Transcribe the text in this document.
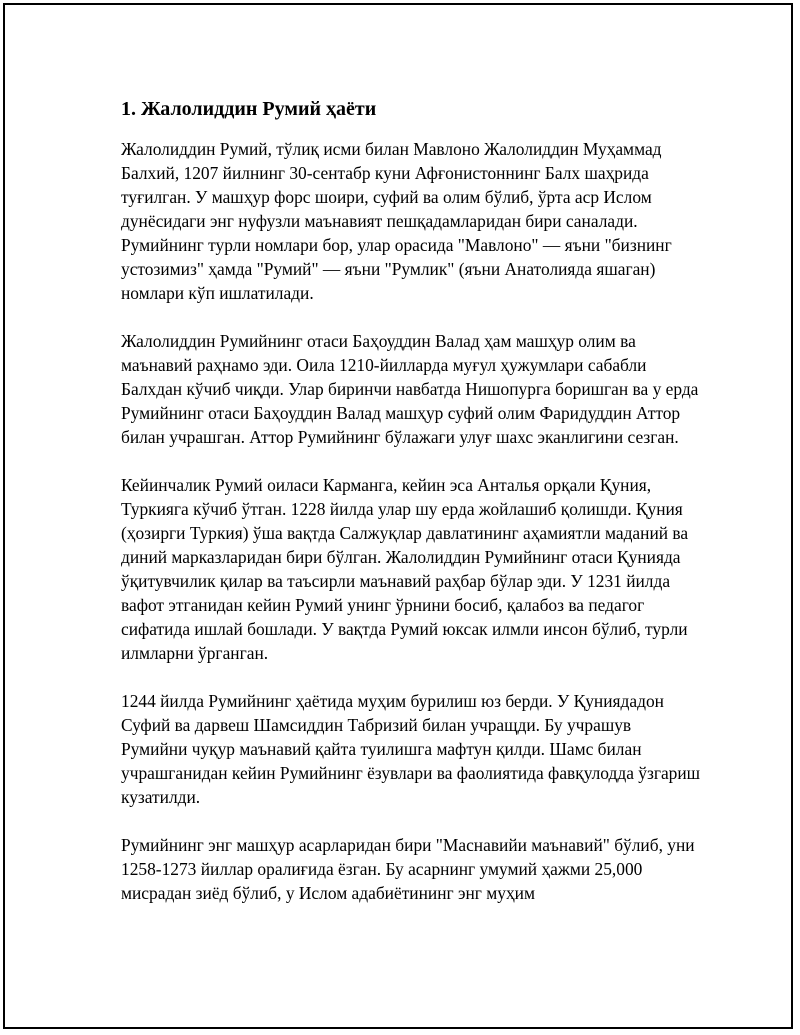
1. Жалолиддин Румий ҳаёти

Жалолиддин Румий, тўлиқ исми билан Мавлоно Жалолиддин Муҳаммад Балхий, 1207 йилнинг 30-сентабр куни Афғонистоннинг Балх шаҳрида туғилган. У машҳур форс шоири, суфий ва олим бўлиб, ўрта аср Ислом дунёсидаги энг нуфузли маънавият пешқадамларидан бири саналади. Румийнинг турли номлари бор, улар орасида "Мавлоно" — яъни "бизнинг устозимиз" ҳамда "Румий" — яъни "Румлик" (яъни Анатолияда яшаган) номлари кўп ишлатилади.

Жалолиддин Румийнинг отаси Баҳоуддин Валад ҳам машҳур олим ва маънавий раҳнамо эди. Оила 1210-йилларда муғул ҳужумлари сабабли Балхдан кўчиб чиқди. Улар биринчи навбатда Нишопурга боришган ва у ерда Румийнинг отаси Баҳоуддин Валад машҳур суфий олим Фаридуддин Аттор билан учрашган. Аттор Румийнинг бўлажаги улуғ шахс эканлигини сезган.

Кейинчалик Румий оиласи Карманга, кейин эса Анталья орқали Қуния, Туркияга кўчиб ўтган. 1228 йилда улар шу ерда жойлашиб қолишди. Қуния (ҳозирги Туркия) ўша вақтда Салжуқлар давлатининг аҳамиятли маданий ва диний марказларидан бири бўлган. Жалолиддин Румийнинг отаси Қунияда ўқитувчилик қилар ва таъсирли маънавий раҳбар бўлар эди. У 1231 йилда вафот этганидан кейин Румий унинг ўрнини босиб, қалабоз ва педагог сифатида ишлай бошлади. У вақтда Румий юксак илмли инсон бўлиб, турли илмларни ўрганган.

1244 йилда Румийнинг ҳаётида муҳим бурилиш юз берди. У Қуниядадон Суфий ва дарвеш Шамсиддин Табризий билан учращди. Бу учрашув Румийни чуқур маънавий қайта туилишга мафтун қилди. Шамс билан учрашганидан кейин Румийнинг ёзувлари ва фаолиятида фавқулодда ўзгариш кузатилди.

Румийнинг энг машҳур асарларидан бири "Маснавийи маънавий" бўлиб, уни 1258-1273 йиллар оралиғида ёзган. Бу асарнинг умумий ҳажми 25,000 мисрадан зиёд бўлиб, у Ислом адабиётининг энг муҳим
